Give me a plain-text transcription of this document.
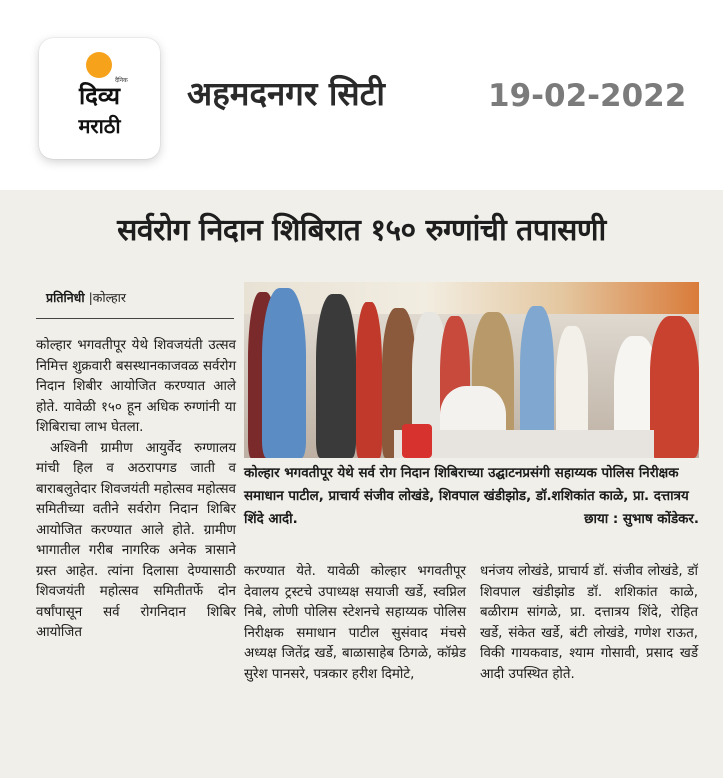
दैनिक
दिव्य
मराठी
अहमदनगर सिटी	19-02-2022
सर्वरोग निदान शिबिरात १५० रुग्णांची तपासणी
प्रतिनिधी |कोल्हार

कोल्हार भगवतीपूर येथे शिवजयंती उत्सव निमित्त शुक्रवारी बसस्थानकाजवळ सर्वरोग निदान शिबीर आयोजित करण्यात आले होते. यावेळी १५० हून अधिक रुग्णांनी या शिबिराचा लाभ घेतला.

अश्विनी ग्रामीण आयुर्वेद रुग्णालय मांची हिल व अठरापगड जाती व बाराबलुतेदार शिवजयंती महोत्सव महोत्सव समितीच्या वतीने सर्वरोग निदान शिबिर आयोजित करण्यात आले होते. ग्रामीण भागातील गरीब नागरिक अनेक त्रासाने ग्रस्त आहेत. त्यांना दिलासा देण्यासाठी शिवजयंती महोत्सव समितीतर्फे दोन वर्षांपासून सर्व रोगनिदान शिबिर आयोजित

कोल्हार भगवतीपूर येथे सर्व रोग निदान शिबिराच्या उद्घाटनप्रसंगी सहाय्यक पोलिस निरीक्षक समाधान पाटील, प्राचार्य संजीव लोखंडे, शिवपाल खंडीझोड, डॉ.शशिकांत काळे, प्रा. दत्तात्रय शिंदे आदी.	छाया : सुभाष कोंडेकर.

करण्यात येते. यावेळी कोल्हार भगवतीपूर देवालय ट्रस्टचे उपाध्यक्ष सयाजी खर्डे, स्वप्निल निबे, लोणी पोलिस स्टेशनचे सहाय्यक पोलिस निरीक्षक समाधान पाटील सुसंवाद मंचसे अध्यक्ष जितेंद्र खर्डे, बाळासाहेब ठिगळे, कॉम्रेड सुरेश पानसरे, पत्रकार हरीश दिमोटे,

धनंजय लोखंडे, प्राचार्य डॉ. संजीव लोखंडे, डॉ शिवपाल खंडीझोड डॉ. शशिकांत काळे, बळीराम सांगळे, प्रा. दत्तात्रय शिंदे, रोहित खर्डे, संकेत खर्डे, बंटी लोखंडे, गणेश राऊत, विकी गायकवाड, श्याम गोसावी, प्रसाद खर्डे आदी उपस्थित होते.
